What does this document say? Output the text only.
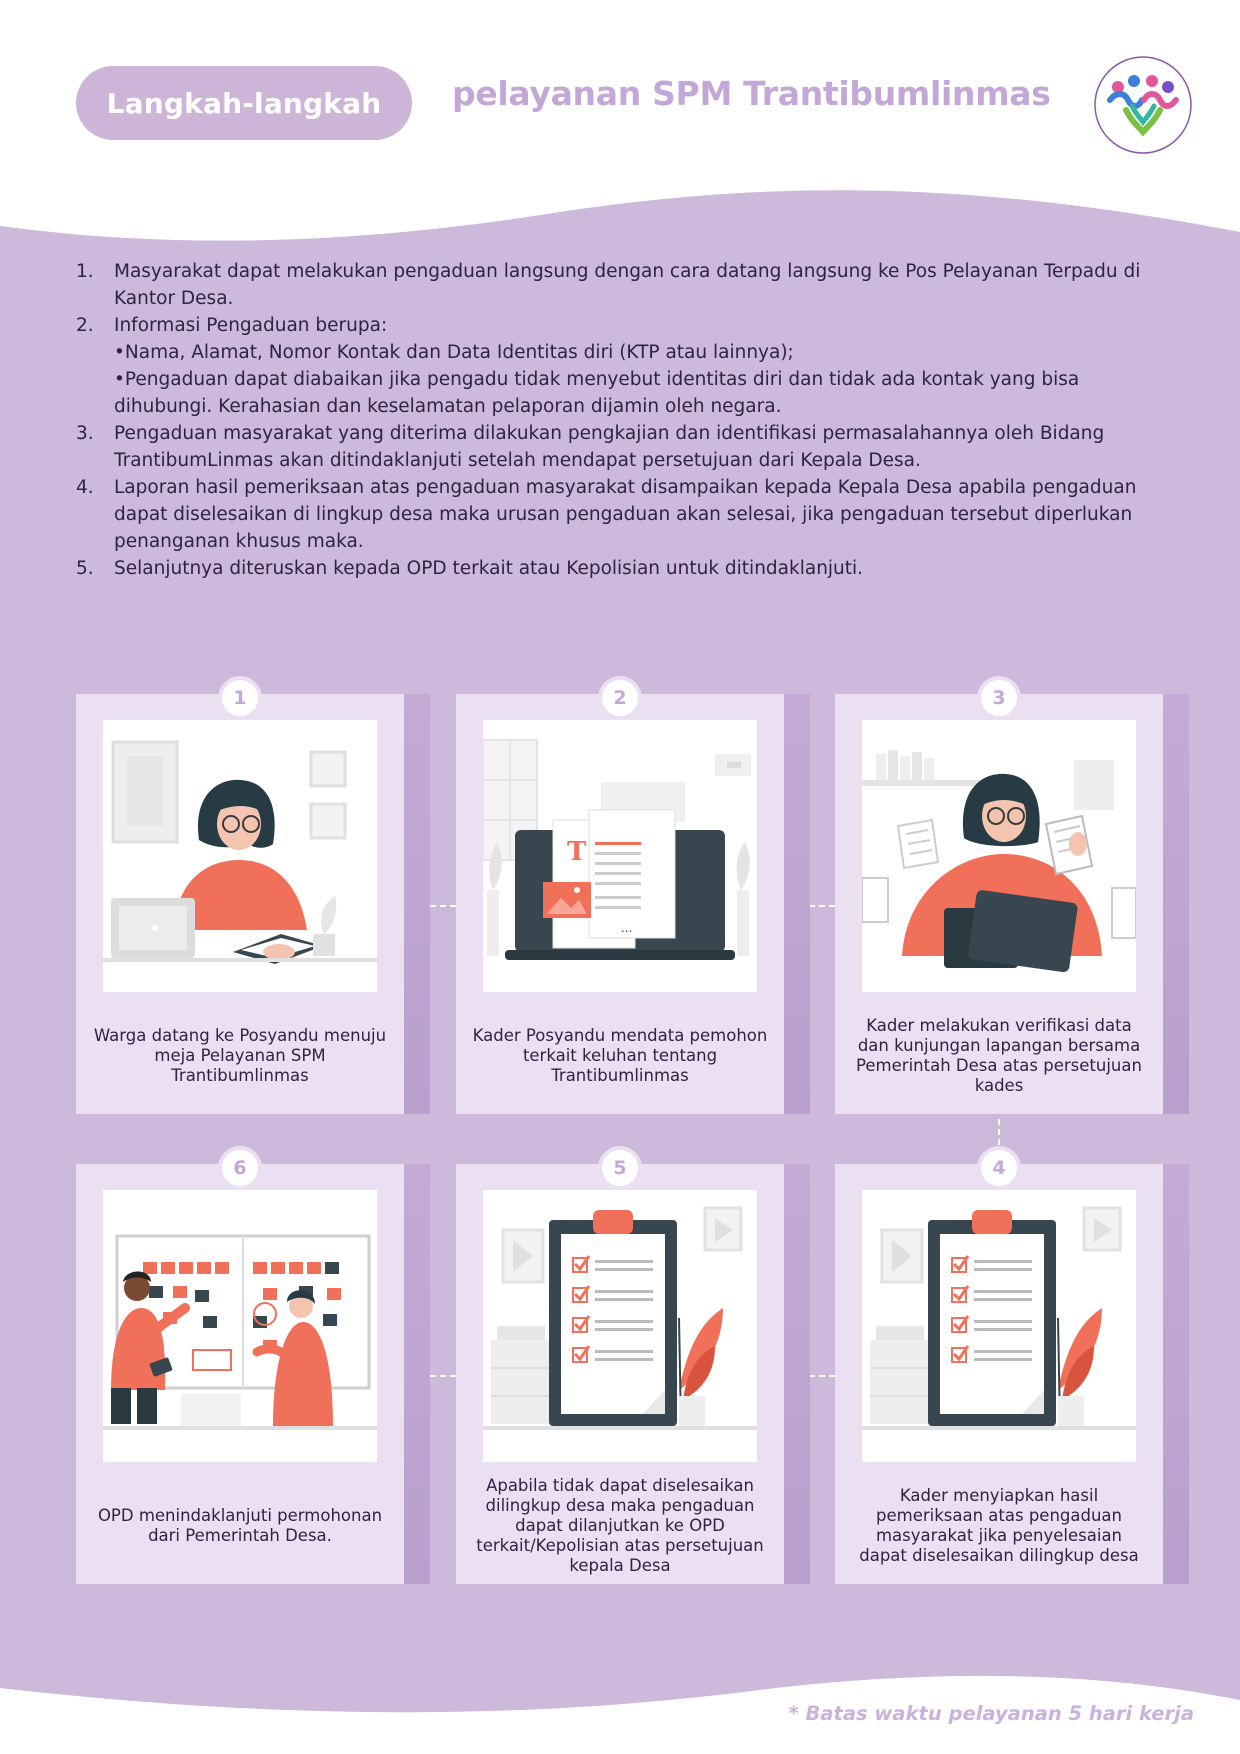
Langkah-langkah pelayanan SPM Trantibumlinmas
1. Masyarakat dapat melakukan pengaduan langsung dengan cara datang langsung ke Pos Pelayanan Terpadu di Kantor Desa.
2. Informasi Pengaduan berupa:
•Nama, Alamat, Nomor Kontak dan Data Identitas diri (KTP atau lainnya);
•Pengaduan dapat diabaikan jika pengadu tidak menyebut identitas diri dan tidak ada kontak yang bisa dihubungi. Kerahasian dan keselamatan pelaporan dijamin oleh negara.
3. Pengaduan masyarakat yang diterima dilakukan pengkajian dan identifikasi permasalahannya oleh Bidang TrantibumLinmas akan ditindaklanjuti setelah mendapat persetujuan dari Kepala Desa.
4. Laporan hasil pemeriksaan atas pengaduan masyarakat disampaikan kepada Kepala Desa apabila pengaduan dapat diselesaikan di lingkup desa maka urusan pengaduan akan selesai, jika pengaduan tersebut diperlukan penanganan khusus maka.
5. Selanjutnya diteruskan kepada OPD terkait atau Kepolisian untuk ditindaklanjuti.
1
Warga datang ke Posyandu menuju meja Pelayanan SPM Trantibumlinmas
2
T
...
Kader Posyandu mendata pemohon terkait keluhan tentang Trantibumlinmas
3
Kader melakukan verifikasi data dan kunjungan lapangan bersama Pemerintah Desa atas persetujuan kades
6
OPD menindaklanjuti permohonan dari Pemerintah Desa.
5
Apabila tidak dapat diselesaikan dilingkup desa maka pengaduan dapat dilanjutkan ke OPD terkait/Kepolisian atas persetujuan kepala Desa
4
Kader menyiapkan hasil pemeriksaan atas pengaduan masyarakat jika penyelesaian dapat diselesaikan dilingkup desa
* Batas waktu pelayanan 5 hari kerja
